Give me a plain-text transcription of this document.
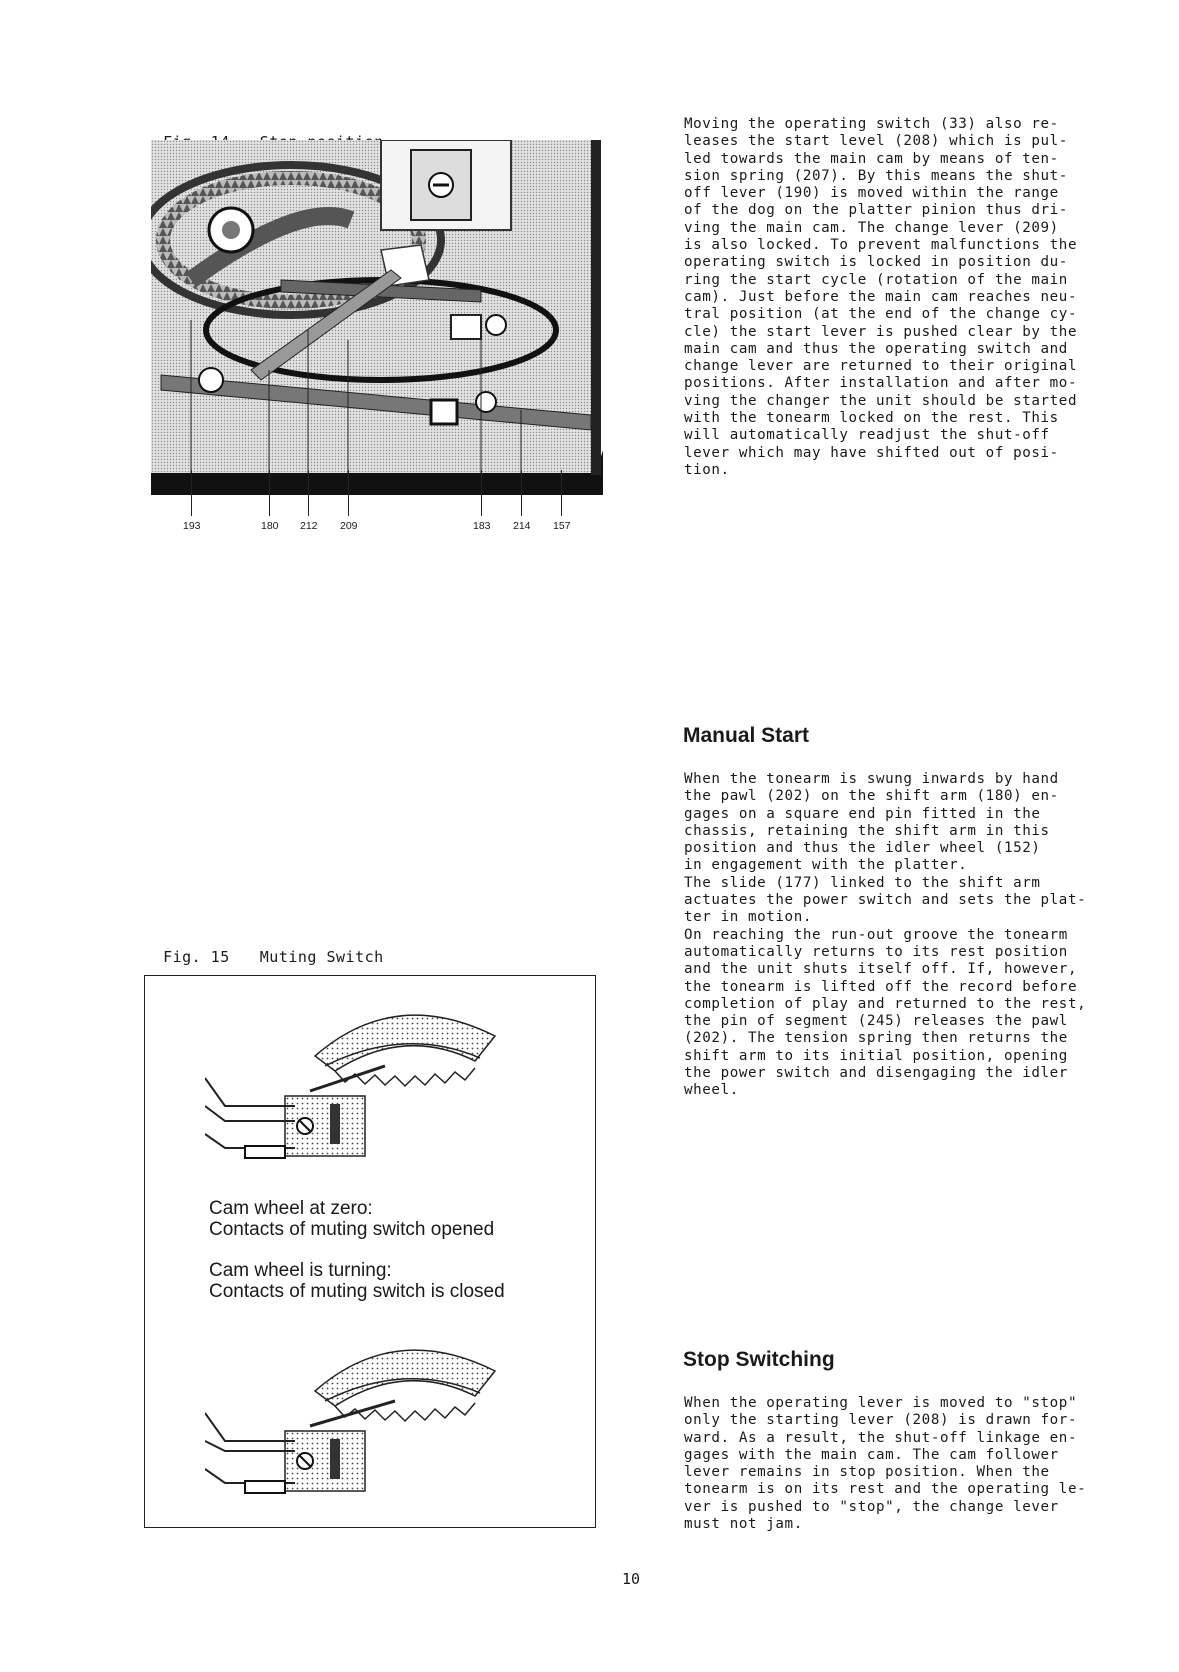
193	180 212 209	183 214 157

Moving the operating switch (33) also re-

leases the start level (208) which is pul-

led towards the main cam by means of ten-

sion spring (207). By this means the shut-

off lever (190) is moved within the range

of the dog on the platter pinion thus dri-

ving the main cam. The change lever (209)

is also locked. To prevent malfunctions the

operating switch is locked in position du-

ring the start cycle (rotation of the main

cam). Just before the main cam reaches neu-

tral position (at the end of the change cy-

cle) the start lever is pushed clear by the

main cam and thus the operating switch and

change lever are returned to their original

positions. After installation and after mo-

ving the changer the unit should be started

with the tonearm locked on the rest. This

will automatically readjust the shut-off

lever which may have shifted out of posi-

tion.

Manual Start

When the tonearm is swung inwards by hand

the pawl (202) on the shift arm (180) en-

gages on a square end pin fitted in the

chassis, retaining the shift arm in this

position and thus the idler wheel (152)

in engagement with the platter.

The slide (177) linked to the shift arm

actuates the power switch and sets the plat-

ter in motion.

On reaching the run-out groove the tonearm

automatically returns to its rest position

and the unit shuts itself off. If, however,

the tonearm is lifted off the record before

completion of play and returned to the rest,

the pin of segment (245) releases the pawl

(202). The tension spring then returns the

shift arm to its initial position, opening

the power switch and disengaging the idler

wheel.

Fig. 15 Muting Switch

Cam wheel at zero:
Contacts of muting switch opened
Cam wheel is turning:
Contacts of muting switch is closed
Stop Switching

When the operating lever is moved to "stop"

only the starting lever (208) is drawn for-

ward. As a result, the shut-off linkage en-

gages with the main cam. The cam follower

lever remains in stop position. When the

tonearm is on its rest and the operating le-

ver is pushed to "stop", the change lever

must not jam.

10
